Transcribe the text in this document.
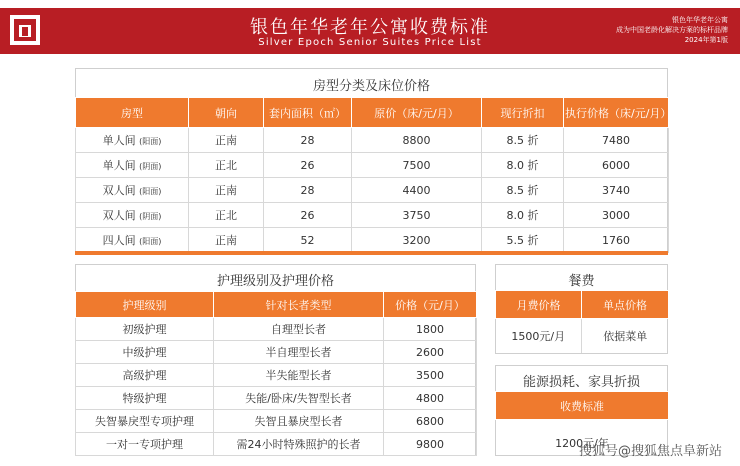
银色年华老年公寓收费标准
Silver Epoch Senior Suites Price List
银色年华老年公寓
成为中国老龄化解决方案的标杆品牌
2024年第1版
房型分类及床位价格
房型	朝向	套内面积（㎡）	原价（床/元/月）	现行折扣	执行价格（床/元/月）
单人间 (阳面)	正南	28	8800	8.5 折	7480
单人间 (阴面)	正北	26	7500	8.0 折	6000
双人间 (阳面)	正南	28	4400	8.5 折	3740
双人间 (阴面)	正北	26	3750	8.0 折	3000
四人间 (阳面)	正南	52	3200	5.5 折	1760
护理级别及护理价格
护理级别	针对长者类型	价格（元/月）
初级护理	自理型长者	1800
中级护理	半自理型长者	2600
高级护理	半失能型长者	3500
特级护理	失能/卧床/失智型长者	4800
失智暴戾型专项护理	失智且暴戾型长者	6800
一对一专项护理	需24小时特殊照护的长者	9800
餐费
月费价格	单点价格
1500元/月	依据菜单
能源损耗、家具折损
收费标准
1200元/年
搜狐号@搜狐焦点阜新站
